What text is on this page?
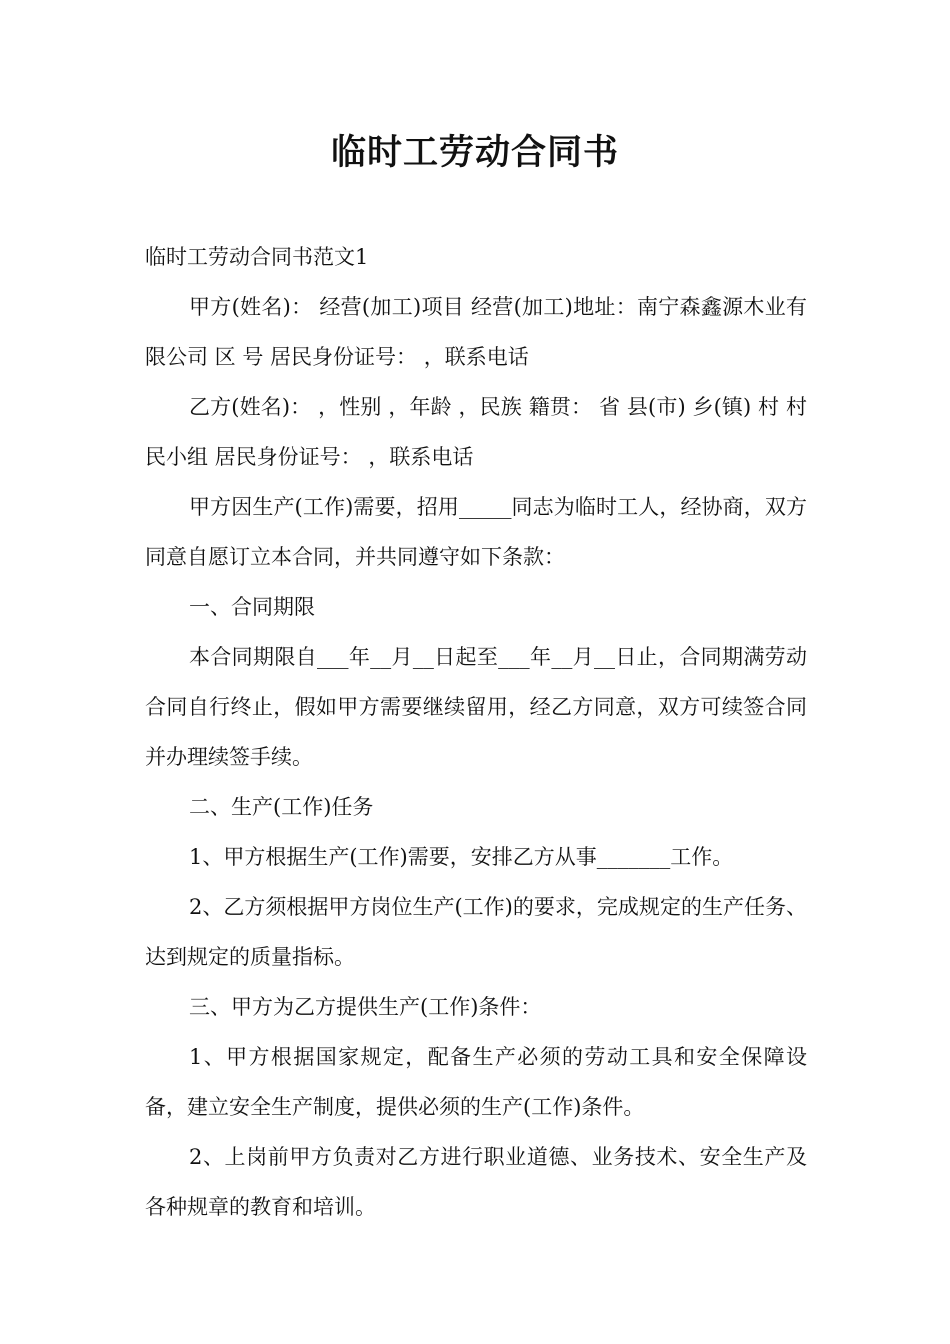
临时工劳动合同书

临时工劳动合同书范文1

甲方(姓名)： 经营(加工)项目 经营(加工)地址：南宁森鑫源木业有限公司 区 号 居民身份证号： ，联系电话

乙方(姓名)： ，性别 ，年龄 ，民族 籍贯： 省 县(市) 乡(镇) 村 村民小组 居民身份证号： ，联系电话

甲方因生产(工作)需要，招用_____同志为临时工人，经协商，双方同意自愿订立本合同，并共同遵守如下条款：

一、合同期限

本合同期限自___年__月__日起至___年__月__日止，合同期满劳动合同自行终止，假如甲方需要继续留用，经乙方同意，双方可续签合同并办理续签手续。

二、生产(工作)任务

1、甲方根据生产(工作)需要，安排乙方从事_______工作。

2、乙方须根据甲方岗位生产(工作)的要求，完成规定的生产任务、达到规定的质量指标。

三、甲方为乙方提供生产(工作)条件：

1、甲方根据国家规定，配备生产必须的劳动工具和安全保障设备，建立安全生产制度，提供必须的生产(工作)条件。

2、上岗前甲方负责对乙方进行职业道德、业务技术、安全生产及各种规章的教育和培训。
